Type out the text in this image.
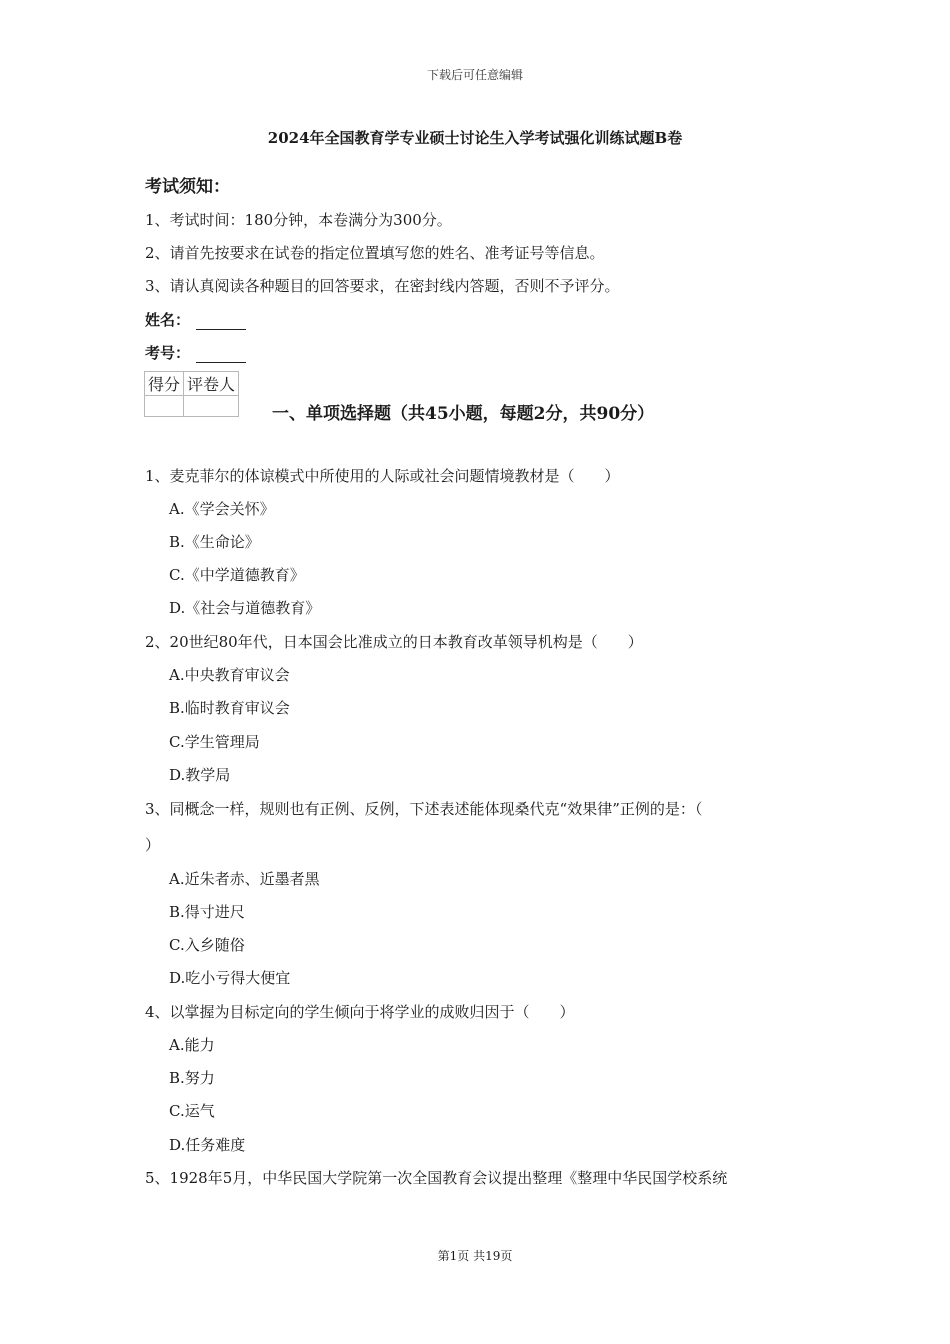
下载后可任意编辑
2024年全国教育学专业硕士讨论生入学考试强化训练试题B卷
考试须知：
1、考试时间：180分钟，本卷满分为300分。
2、请首先按要求在试卷的指定位置填写您的姓名、准考证号等信息。
3、请认真阅读各种题目的回答要求，在密封线内答题，否则不予评分。
姓名：
考号：
得分	评卷人

一、单项选择题（共45小题，每题2分，共90分）
1、麦克菲尔的体谅模式中所使用的人际或社会问题情境教材是（　　）
A.《学会关怀》
B.《生命论》
C.《中学道德教育》
D.《社会与道德教育》
2、20世纪80年代，日本国会比准成立的日本教育改革领导机构是（　　）
A.中央教育审议会
B.临时教育审议会
C.学生管理局
D.教学局
3、同概念一样，规则也有正例、反例，下述表述能体现桑代克“效果律”正例的是：（
）
A.近朱者赤、近墨者黑
B.得寸进尺
C.入乡随俗
D.吃小亏得大便宜
4、以掌握为目标定向的学生倾向于将学业的成败归因于（　　）
A.能力
B.努力
C.运气
D.任务难度
5、1928年5月，中华民国大学院第一次全国教育会议提出整理《整理中华民国学校系统
第1页 共19页
